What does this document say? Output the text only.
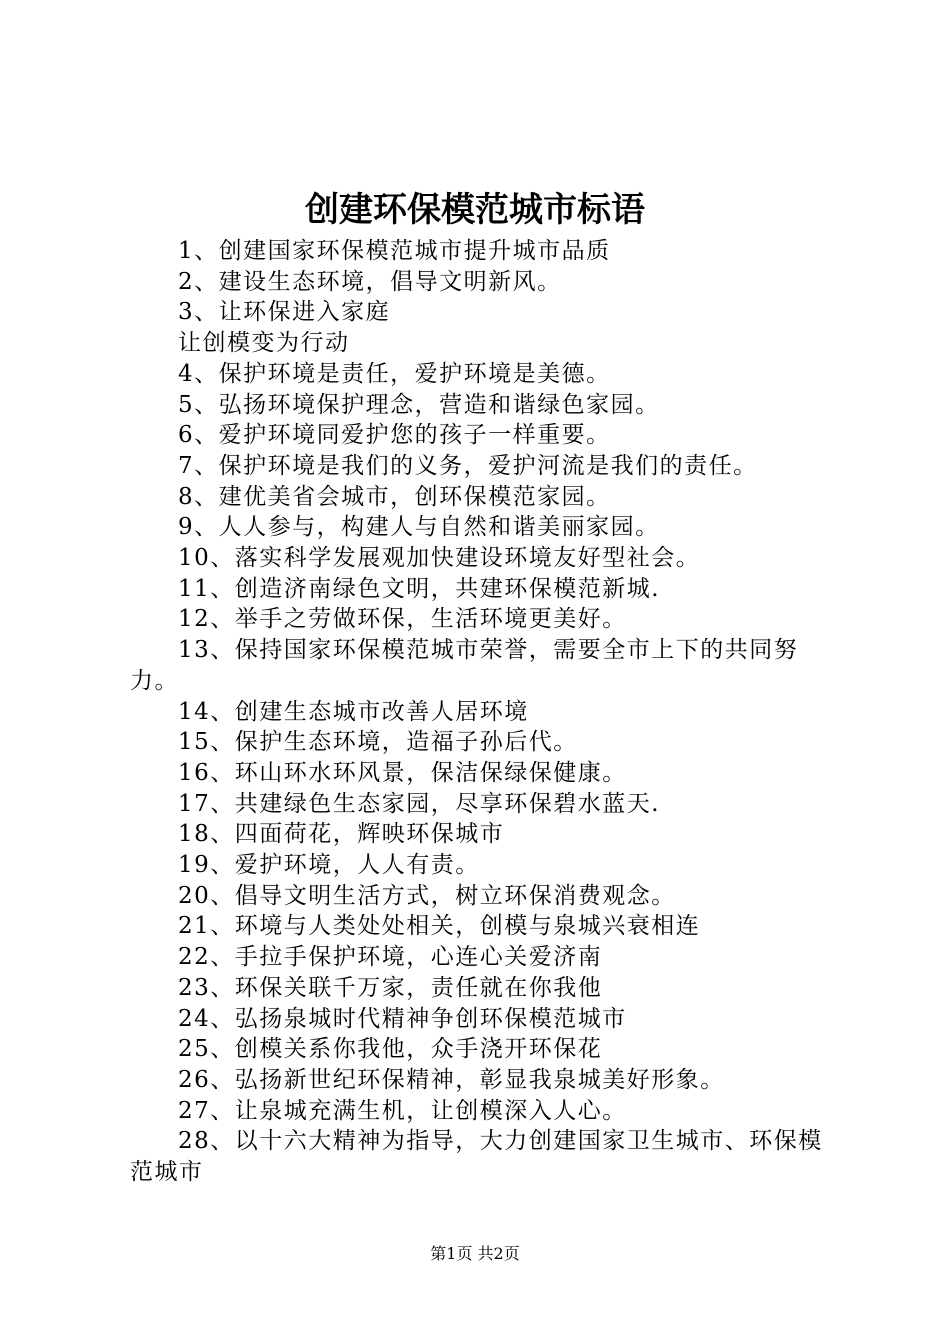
创建环保模范城市标语

1、创建国家环保模范城市提升城市品质

2、建设生态环境，倡导文明新风。

3、让环保进入家庭

让创模变为行动

4、保护环境是责任，爱护环境是美德。

5、弘扬环境保护理念，营造和谐绿色家园。

6、爱护环境同爱护您的孩子一样重要。

7、保护环境是我们的义务，爱护河流是我们的责任。

8、建优美省会城市，创环保模范家园。

9、人人参与，构建人与自然和谐美丽家园。

10、落实科学发展观加快建设环境友好型社会。

11、创造济南绿色文明，共建环保模范新城.

12、举手之劳做环保，生活环境更美好。

13、保持国家环保模范城市荣誉，需要全市上下的共同努力。

14、创建生态城市改善人居环境

15、保护生态环境，造福子孙后代。

16、环山环水环风景，保洁保绿保健康。

17、共建绿色生态家园，尽享环保碧水蓝天.

18、四面荷花，辉映环保城市

19、爱护环境，人人有责。

20、倡导文明生活方式，树立环保消费观念。

21、环境与人类处处相关，创模与泉城兴衰相连

22、手拉手保护环境，心连心关爱济南

23、环保关联千万家，责任就在你我他

24、弘扬泉城时代精神争创环保模范城市

25、创模关系你我他，众手浇开环保花

26、弘扬新世纪环保精神，彰显我泉城美好形象。

27、让泉城充满生机，让创模深入人心。

28、以十六大精神为指导，大力创建国家卫生城市、环保模范城市

第1页 共2页
